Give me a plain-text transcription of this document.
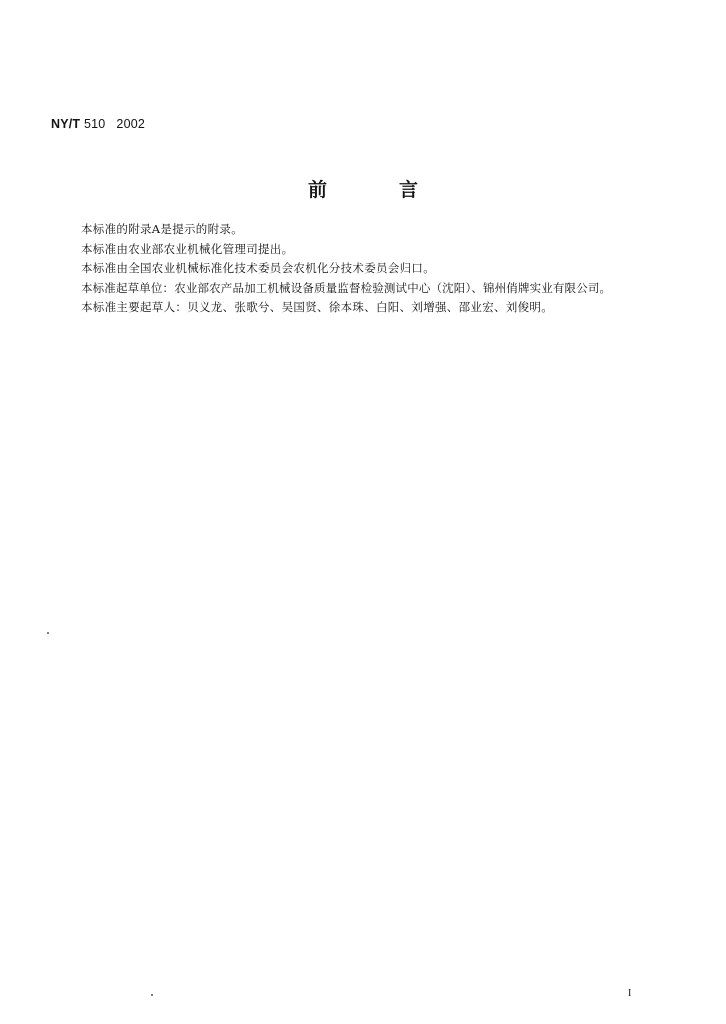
NY/T 510   2002
前	言

本标准的附录A是提示的附录。

本标准由农业部农业机械化管理司提出。

本标准由全国农业机械标准化技术委员会农机化分技术委员会归口。

本标准起草单位：农业部农产品加工机械设备质量监督检验测试中心（沈阳）、锦州俏牌实业有限公司。

本标准主要起草人：贝义龙、张歌兮、吴国贤、徐本珠、白阳、刘增强、邵业宏、刘俊明。

I
